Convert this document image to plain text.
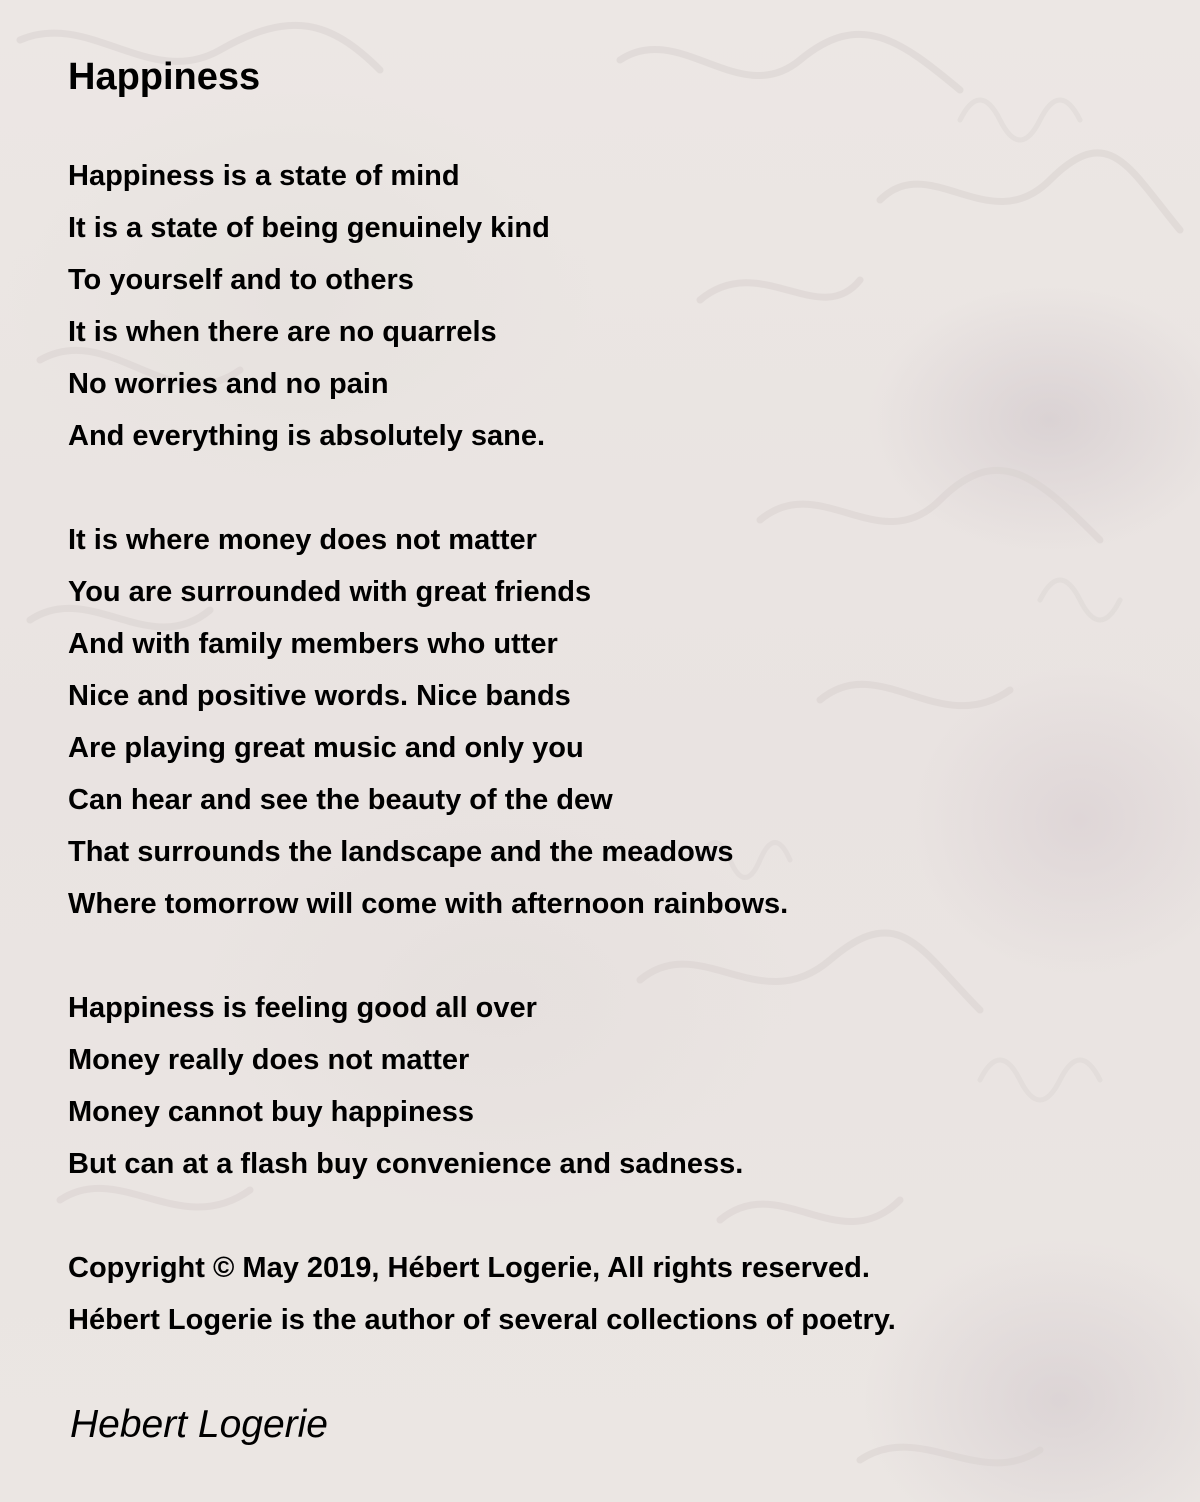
Happiness
Happiness is a state of mind
It is a state of being genuinely kind
To yourself and to others
It is when there are no quarrels
No worries and no pain
And everything is absolutely sane.
It is where money does not matter
You are surrounded with great friends
And with family members who utter
Nice and positive words. Nice bands
Are playing great music and only you
Can hear and see the beauty of the dew
That surrounds the landscape and the meadows
Where tomorrow will come with afternoon rainbows.
Happiness is feeling good all over
Money really does not matter
Money cannot buy happiness
But can at a flash buy convenience and sadness.
Copyright © May 2019, Hébert Logerie, All rights reserved.
Hébert Logerie is the author of several collections of poetry.
Hebert Logerie
